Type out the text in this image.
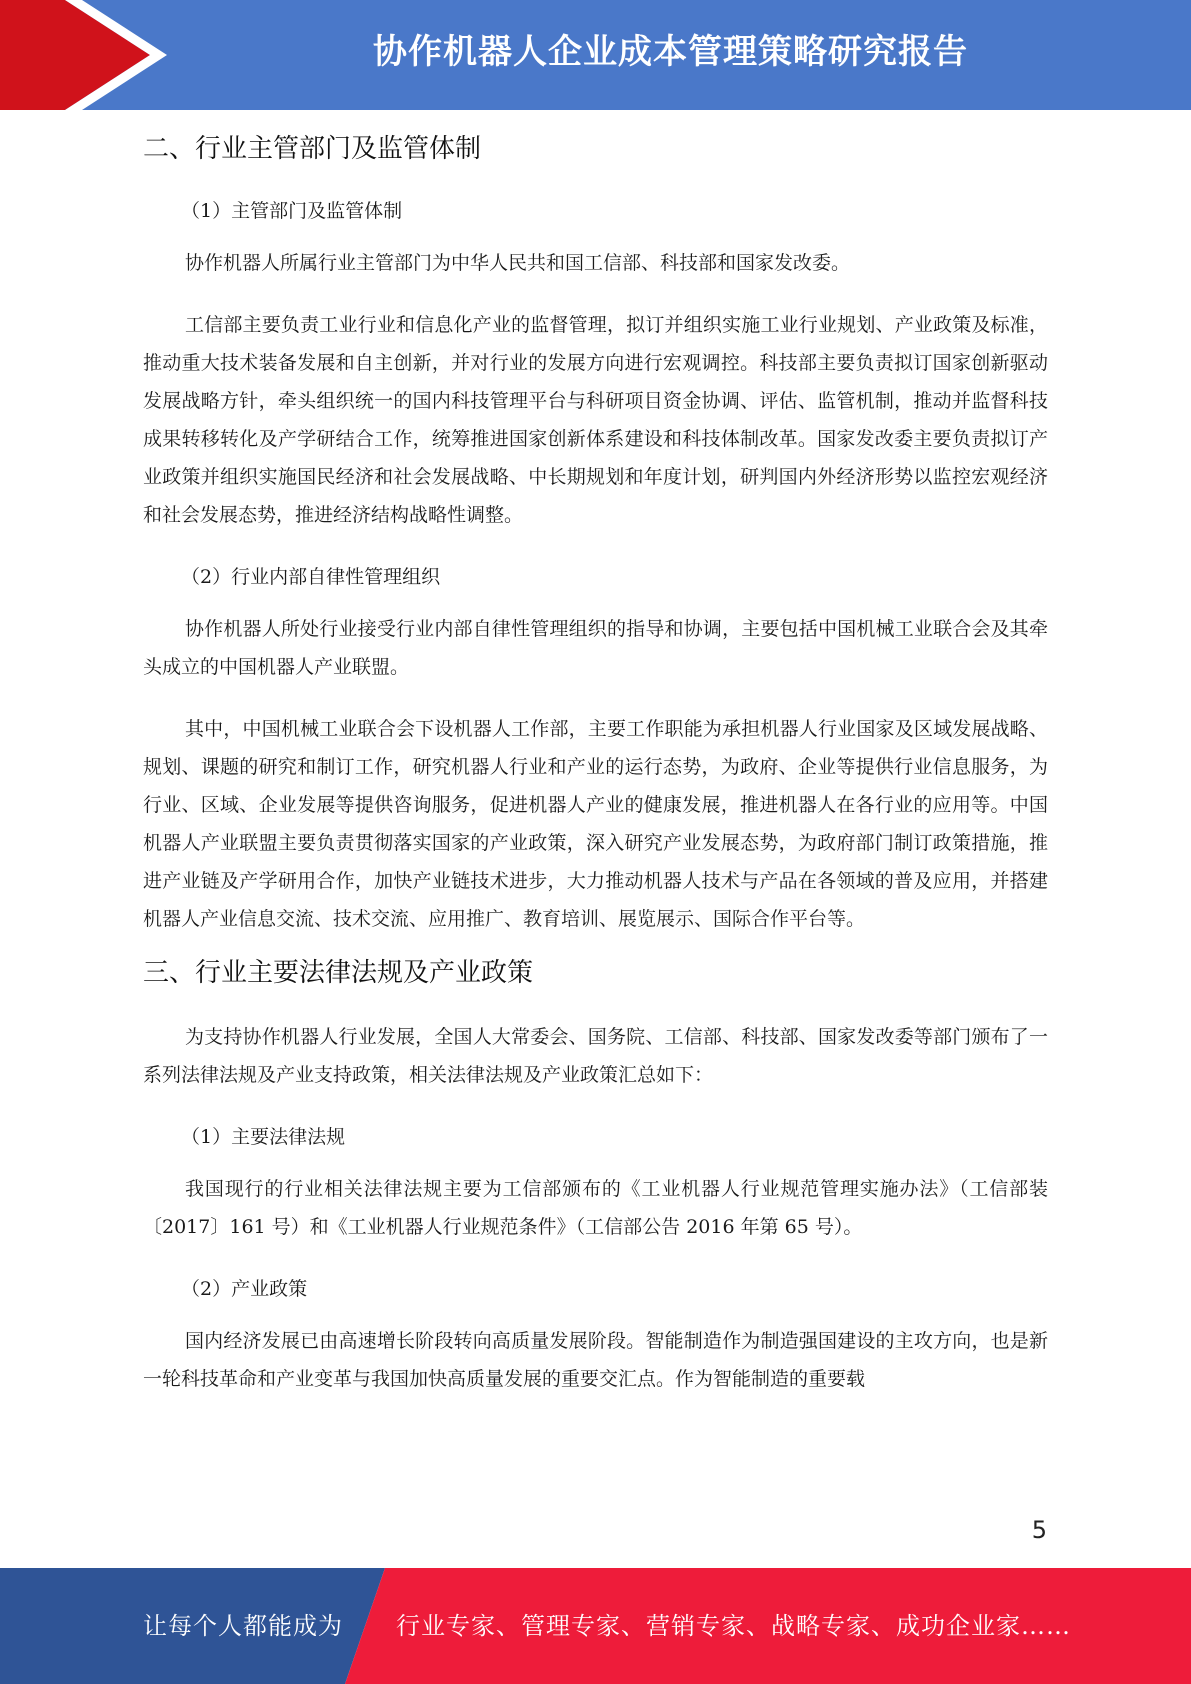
协作机器人企业成本管理策略研究报告
二、行业主管部门及监管体制
（1）主管部门及监管体制

协作机器人所属行业主管部门为中华人民共和国工信部、科技部和国家发改委。

工信部主要负责工业行业和信息化产业的监督管理，拟订并组织实施工业行业规划、产业政策及标准，推动重大技术装备发展和自主创新，并对行业的发展方向进行宏观调控。科技部主要负责拟订国家创新驱动发展战略方针，牵头组织统一的国内科技管理平台与科研项目资金协调、评估、监管机制，推动并监督科技成果转移转化及产学研结合工作，统筹推进国家创新体系建设和科技体制改革。国家发改委主要负责拟订产业政策并组织实施国民经济和社会发展战略、中长期规划和年度计划，研判国内外经济形势以监控宏观经济和社会发展态势，推进经济结构战略性调整。

（2）行业内部自律性管理组织

协作机器人所处行业接受行业内部自律性管理组织的指导和协调，主要包括中国机械工业联合会及其牵头成立的中国机器人产业联盟。

其中，中国机械工业联合会下设机器人工作部，主要工作职能为承担机器人行业国家及区域发展战略、规划、课题的研究和制订工作，研究机器人行业和产业的运行态势，为政府、企业等提供行业信息服务，为行业、区域、企业发展等提供咨询服务，促进机器人产业的健康发展，推进机器人在各行业的应用等。中国机器人产业联盟主要负责贯彻落实国家的产业政策，深入研究产业发展态势，为政府部门制订政策措施，推进产业链及产学研用合作，加快产业链技术进步，大力推动机器人技术与产品在各领域的普及应用，并搭建机器人产业信息交流、技术交流、应用推广、教育培训、展览展示、国际合作平台等。

三、行业主要法律法规及产业政策

为支持协作机器人行业发展，全国人大常委会、国务院、工信部、科技部、国家发改委等部门颁布了一系列法律法规及产业支持政策，相关法律法规及产业政策汇总如下：

（1）主要法律法规

我国现行的行业相关法律法规主要为工信部颁布的《工业机器人行业规范管理实施办法》（工信部装〔2017〕161 号）和《工业机器人行业规范条件》（工信部公告 2016 年第 65 号）。

（2）产业政策

国内经济发展已由高速增长阶段转向高质量发展阶段。智能制造作为制造强国建设的主攻方向，也是新一轮科技革命和产业变革与我国加快高质量发展的重要交汇点。作为智能制造的重要载

5
让每个人都能成为 行业专家、管理专家、营销专家、战略专家、成功企业家……
